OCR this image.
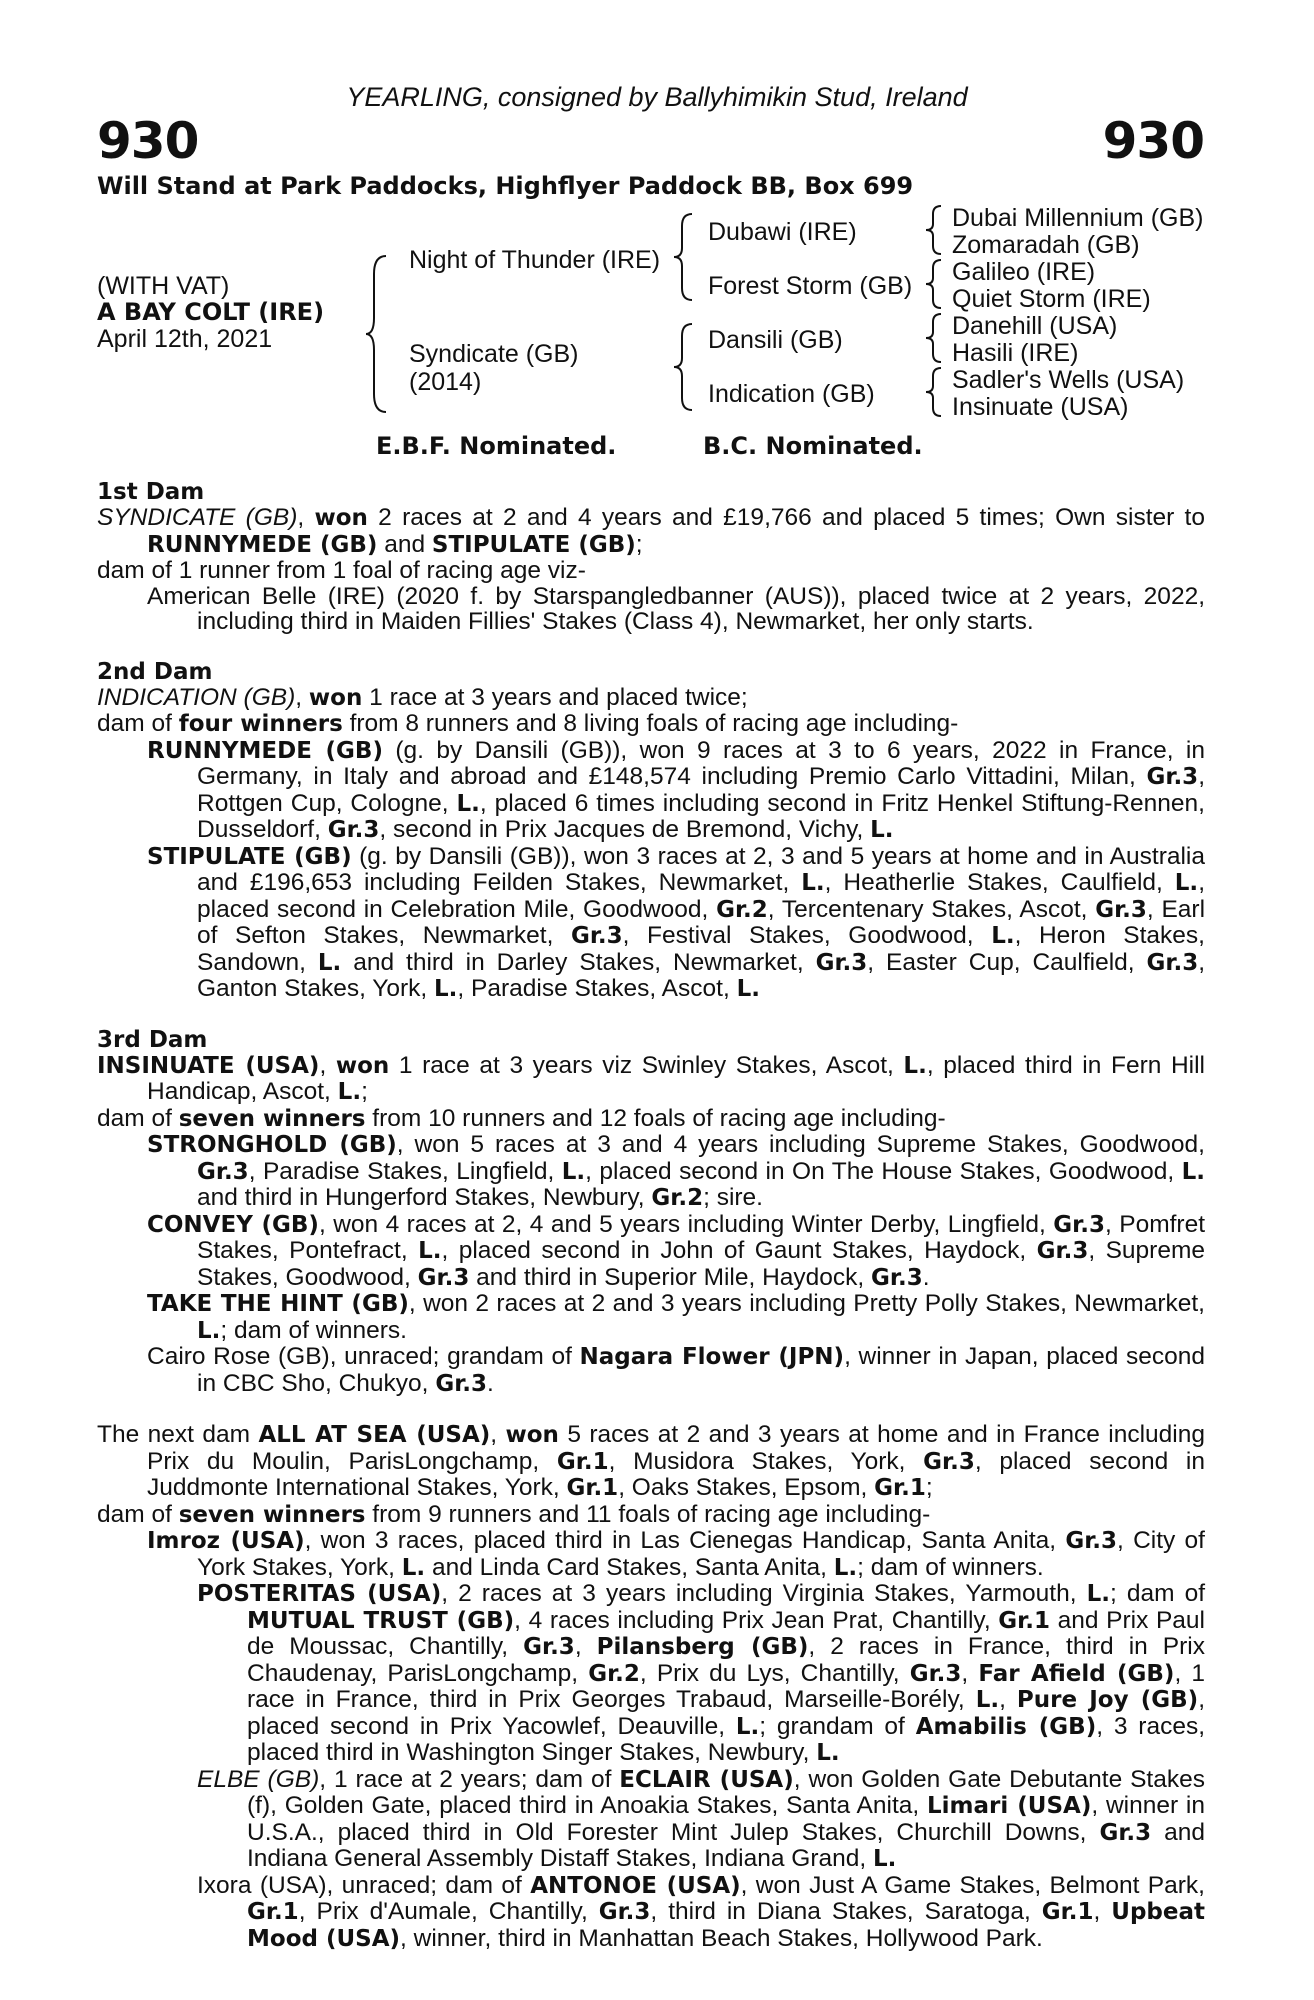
YEARLING, consigned by Ballyhimikin Stud, Ireland
930	930
Will Stand at Park Paddocks, Highflyer Paddock BB, Box 699
(WITH VAT)
A BAY COLT (IRE)
April 12th, 2021
Night of Thunder (IRE)
Syndicate (GB)
(2014)
Dubawi (IRE)
Forest Storm (GB)
Dansili (GB)
Indication (GB)
Dubai Millennium (GB)
Zomaradah (GB)
Galileo (IRE)
Quiet Storm (IRE)
Danehill (USA)
Hasili (IRE)
Sadler's Wells (USA)
Insinuate (USA)
E.B.F. Nominated.	B.C. Nominated.
1st Dam
SYNDICATE (GB), won 2 races at 2 and 4 years and £19,766 and placed 5 times; Own sister to RUNNYMEDE (GB) and STIPULATE (GB);
dam of 1 runner from 1 foal of racing age viz-
American Belle (IRE) (2020 f. by Starspangledbanner (AUS)), placed twice at 2 years, 2022, including third in Maiden Fillies' Stakes (Class 4), Newmarket, her only starts.
2nd Dam
INDICATION (GB), won 1 race at 3 years and placed twice;
dam of four winners from 8 runners and 8 living foals of racing age including-
RUNNYMEDE (GB) (g. by Dansili (GB)), won 9 races at 3 to 6 years, 2022 in France, in Germany, in Italy and abroad and £148,574 including Premio Carlo Vittadini, Milan, Gr.3, Rottgen Cup, Cologne, L., placed 6 times including second in Fritz Henkel Stiftung-Rennen, Dusseldorf, Gr.3, second in Prix Jacques de Bremond, Vichy, L.
STIPULATE (GB) (g. by Dansili (GB)), won 3 races at 2, 3 and 5 years at home and in Australia and £196,653 including Feilden Stakes, Newmarket, L., Heatherlie Stakes, Caulfield, L., placed second in Celebration Mile, Goodwood, Gr.2, Tercentenary Stakes, Ascot, Gr.3, Earl of Sefton Stakes, Newmarket, Gr.3, Festival Stakes, Goodwood, L., Heron Stakes, Sandown, L. and third in Darley Stakes, Newmarket, Gr.3, Easter Cup, Caulfield, Gr.3, Ganton Stakes, York, L., Paradise Stakes, Ascot, L.
3rd Dam
INSINUATE (USA), won 1 race at 3 years viz Swinley Stakes, Ascot, L., placed third in Fern Hill Handicap, Ascot, L.;
dam of seven winners from 10 runners and 12 foals of racing age including-
STRONGHOLD (GB), won 5 races at 3 and 4 years including Supreme Stakes, Goodwood, Gr.3, Paradise Stakes, Lingfield, L., placed second in On The House Stakes, Goodwood, L. and third in Hungerford Stakes, Newbury, Gr.2; sire.
CONVEY (GB), won 4 races at 2, 4 and 5 years including Winter Derby, Lingfield, Gr.3, Pomfret Stakes, Pontefract, L., placed second in John of Gaunt Stakes, Haydock, Gr.3, Supreme Stakes, Goodwood, Gr.3 and third in Superior Mile, Haydock, Gr.3.
TAKE THE HINT (GB), won 2 races at 2 and 3 years including Pretty Polly Stakes, Newmarket, L.; dam of winners.
Cairo Rose (GB), unraced; grandam of Nagara Flower (JPN), winner in Japan, placed second in CBC Sho, Chukyo, Gr.3.
The next dam ALL AT SEA (USA), won 5 races at 2 and 3 years at home and in France including Prix du Moulin, ParisLongchamp, Gr.1, Musidora Stakes, York, Gr.3, placed second in Juddmonte International Stakes, York, Gr.1, Oaks Stakes, Epsom, Gr.1;
dam of seven winners from 9 runners and 11 foals of racing age including-
Imroz (USA), won 3 races, placed third in Las Cienegas Handicap, Santa Anita, Gr.3, City of York Stakes, York, L. and Linda Card Stakes, Santa Anita, L.; dam of winners.
POSTERITAS (USA), 2 races at 3 years including Virginia Stakes, Yarmouth, L.; dam of MUTUAL TRUST (GB), 4 races including Prix Jean Prat, Chantilly, Gr.1 and Prix Paul de Moussac, Chantilly, Gr.3, Pilansberg (GB), 2 races in France, third in Prix Chaudenay, ParisLongchamp, Gr.2, Prix du Lys, Chantilly, Gr.3, Far Afield (GB), 1 race in France, third in Prix Georges Trabaud, Marseille-Borély, L., Pure Joy (GB), placed second in Prix Yacowlef, Deauville, L.; grandam of Amabilis (GB), 3 races, placed third in Washington Singer Stakes, Newbury, L.
ELBE (GB), 1 race at 2 years; dam of ECLAIR (USA), won Golden Gate Debutante Stakes (f), Golden Gate, placed third in Anoakia Stakes, Santa Anita, Limari (USA), winner in U.S.A., placed third in Old Forester Mint Julep Stakes, Churchill Downs, Gr.3 and Indiana General Assembly Distaff Stakes, Indiana Grand, L.
Ixora (USA), unraced; dam of ANTONOE (USA), won Just A Game Stakes, Belmont Park, Gr.1, Prix d'Aumale, Chantilly, Gr.3, third in Diana Stakes, Saratoga, Gr.1, Upbeat Mood (USA), winner, third in Manhattan Beach Stakes, Hollywood Park.
